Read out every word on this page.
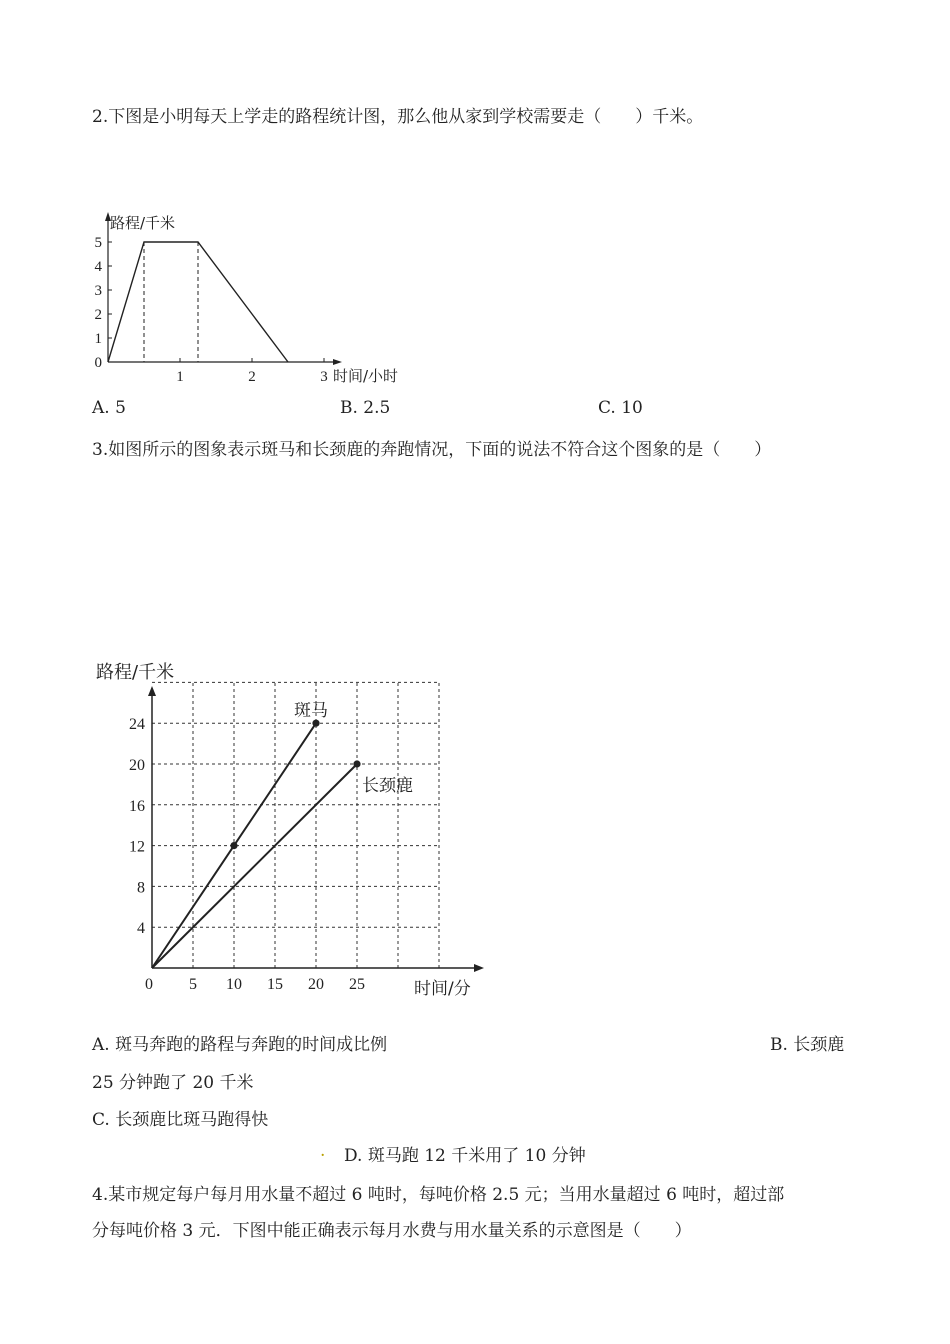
2.下图是小明每天上学走的路程统计图，那么他从家到学校需要走（　　）千米。
0
1
2
3
4
5
1	2	3
路程/千米
时间/小时
A. 5	B. 2.5	C. 10
3.如图所示的图象表示斑马和长颈鹿的奔跑情况，下面的说法不符合这个图象的是（　　）
4
8
12
16
20
24
0 5 10 15 20 25
路程/千米
时间/分
斑马
长颈鹿
A. 斑马奔跑的路程与奔跑的时间成比例	B. 长颈鹿
25 分钟跑了 20 千米
C. 长颈鹿比斑马跑得快
. D. 斑马跑 12 千米用了 10 分钟
4.某市规定每户每月用水量不超过 6 吨时，每吨价格 2.5 元；当用水量超过 6 吨时，超过部
分每吨价格 3 元．下图中能正确表示每月水费与用水量关系的示意图是（　　）
